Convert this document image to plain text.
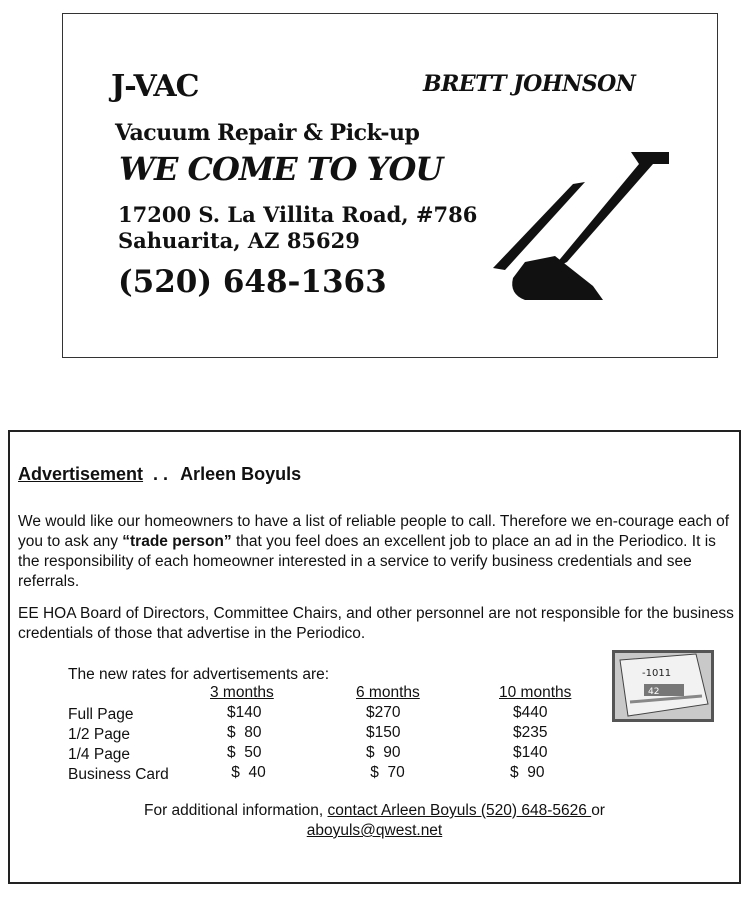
J-VAC	BRETT JOHNSON
Vacuum Repair & Pick-up
WE COME TO YOU
17200 S. La Villita Road, #786
Sahuarita, AZ 85629
(520) 648-1363
Advertisement . . Arleen Boyuls
We would like our homeowners to have a list of reliable people to call. Therefore we en-courage each of you to ask any “trade person” that you feel does an excellent job to place an ad in the Periodico. It is the responsibility of each homeowner interested in a service to verify business credentials and see referrals.
EE HOA Board of Directors, Committee Chairs, and other personnel are not responsible for the business credentials of those that advertise in the Periodico.
The new rates for advertisements are:
3 months	6 months	10 months
Full Page	$140	$270	$440
1/2 Page	$  80	$150	$235
1/4 Page	$  50	$  90	$140
Business Card	$  40	$  70	$  90
For additional information, contact Arleen Boyuls (520) 648-5626 or
aboyuls@qwest.net
-1011
42
